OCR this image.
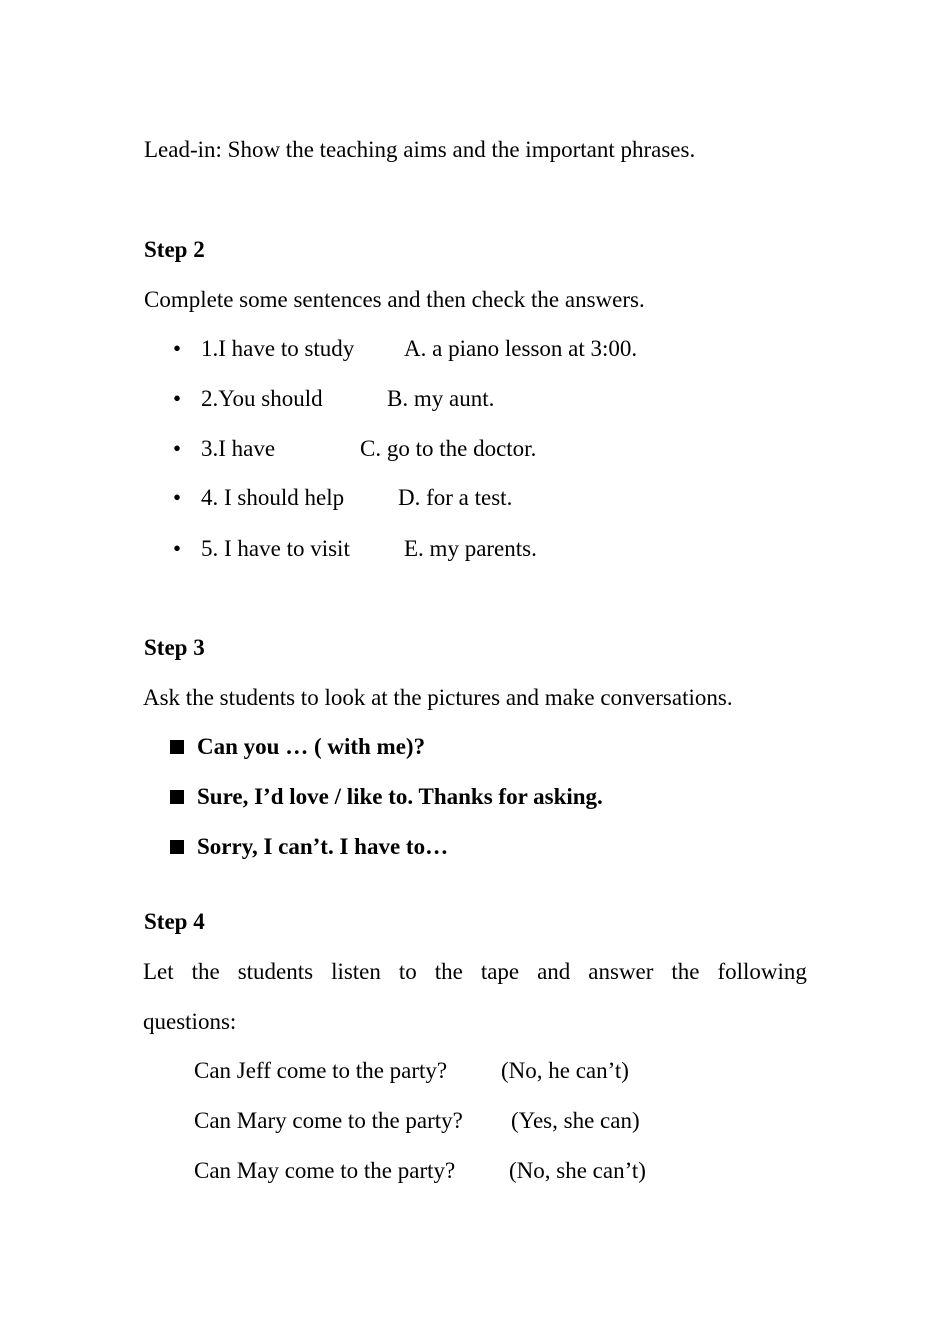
Lead-in: Show the teaching aims and the important phrases.
Step 2
Complete some sentences and then check the answers.
• 1.I have to study A. a piano lesson at 3:00.
• 2.You should	B. my aunt.
• 3.I have	C. go to the doctor.
• 4. I should help D. for a test.
• 5. I have to visit E. my parents.
Step 3
Ask the students to look at the pictures and make conversations.
Can you … ( with me)?
Sure, I’d love / like to. Thanks for asking.
Sorry, I can’t. I have to…
Step 4
Let the students listen to the tape and answer the following
questions:
Can Jeff come to the party? (No, he can’t)
Can Mary come to the party? (Yes, she can)
Can May come to the party? (No, she can’t)
